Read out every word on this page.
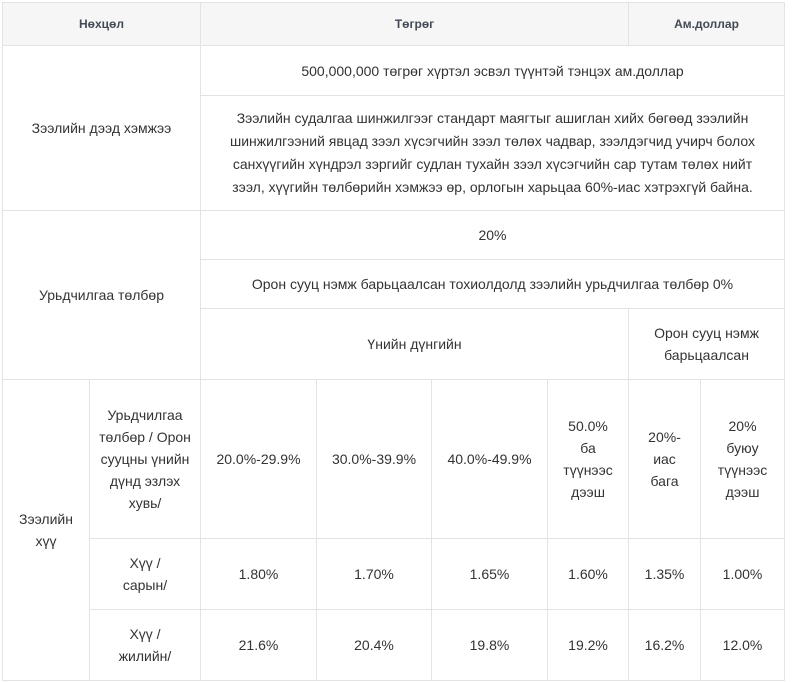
Нөхцөл		Төгрөг				Ам.доллар	
Зээлийн дээд хэмжээ		500,000,000 төгрөг хүртэл эсвэл түүнтэй тэнцэх ам.доллар					
		Зээлийн судалгаа шинжилгээг стандарт маягтыг ашиглан хийх бөгөөд зээлийн шинжилгээний явцад зээл хүсэгчийн зээл төлөх чадвар, зээлдэгчид учирч болох санхүүгийн хүндрэл зэргийг судлан тухайн зээл хүсэгчийн сар тутам төлөх нийт зээл, хүүгийн төлбөрийн хэмжээ өр, орлогын харьцаа 60%-иас хэтрэхгүй байна.					
Урьдчилгаа төлбөр		20%					
		Орон сууц нэмж барьцаалсан тохиолдолд зээлийн урьдчилгаа төлбөр 0%					
		Үнийн дүнгийн				Орон сууц нэмж барьцаалсан	
Зээлийн хүү	Урьдчилгаа төлбөр / Орон сууцны үнийн дүнд эзлэх хувь/	20.0%-29.9%	30.0%-39.9%	40.0%-49.9%	50.0% ба түүнээс дээш	20%-иас бага	20% буюу түүнээс дээш
	Хүү / сарын/	1.80%	1.70%	1.65%	1.60%	1.35%	1.00%
	Хүү / жилийн/	21.6%	20.4%	19.8%	19.2%	16.2%	12.0%
